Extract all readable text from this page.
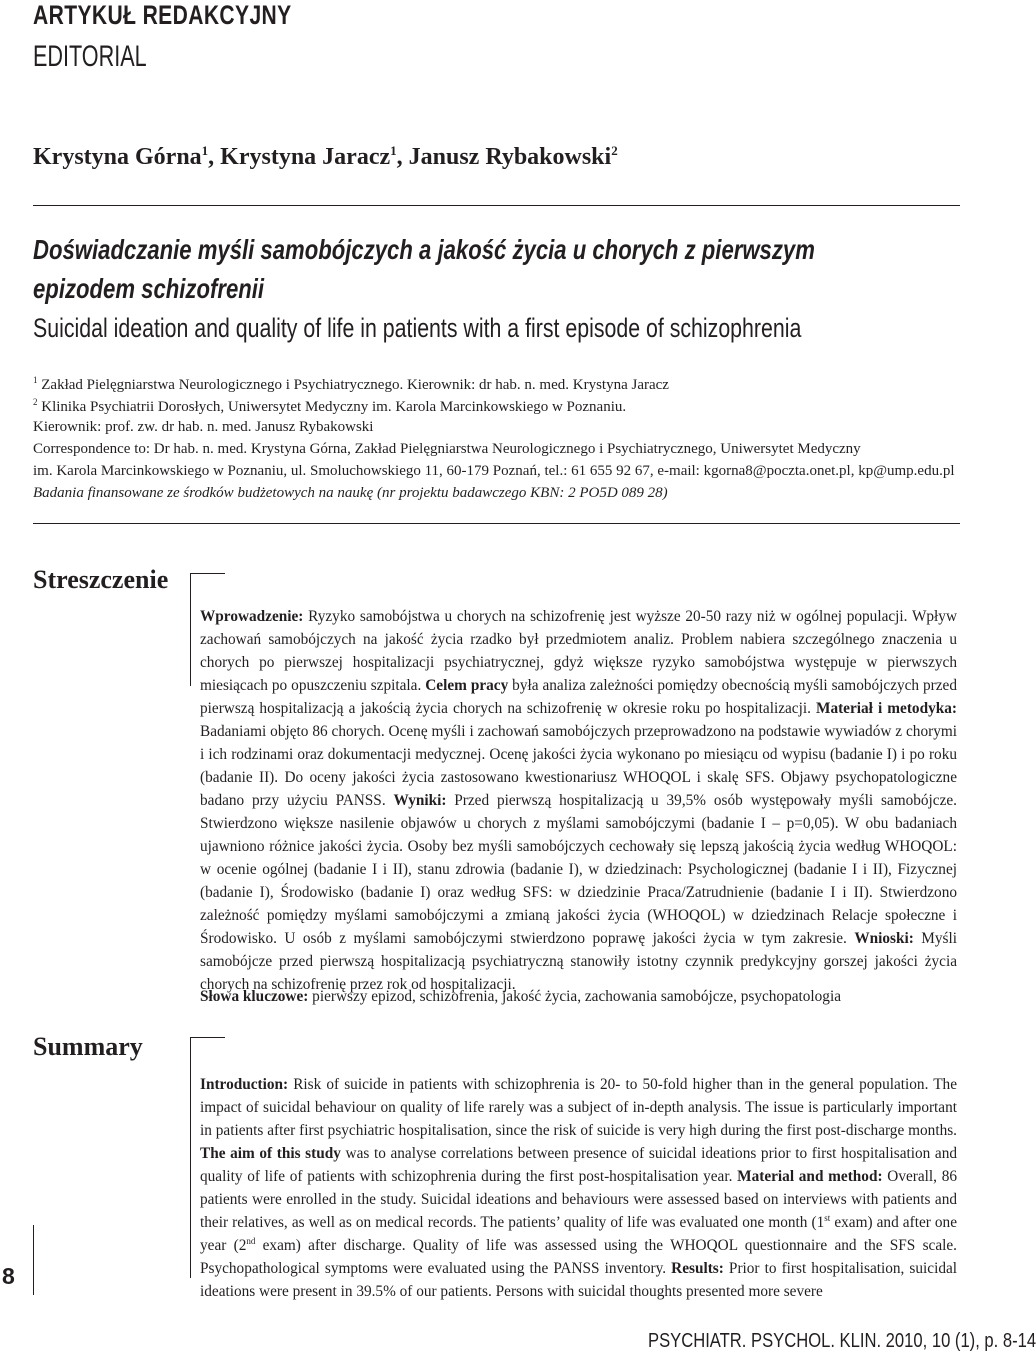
ARTYKUŁ REDAKCYJNY
EDITORIAL
Krystyna Górna$^1$, Krystyna Jaracz$^1$, Janusz Rybakowski$^2$
Doświadczanie myśli samobójczych a jakość życia u chorych z pierwszym
epizodem schizofrenii
Suicidal ideation and quality of life in patients with a first episode of schizophrenia
$^1$ Zakład Pielęgniarstwa Neurologicznego i Psychiatrycznego. Kierownik: dr hab. n. med. Krystyna Jaracz
$^2$ Klinika Psychiatrii Dorosłych, Uniwersytet Medyczny im. Karola Marcinkowskiego w Poznaniu.
Kierownik: prof. zw. dr hab. n. med. Janusz Rybakowski
Correspondence to: Dr hab. n. med. Krystyna Górna, Zakład Pielęgniarstwa Neurologicznego i Psychiatrycznego, Uniwersytet Medyczny
im. Karola Marcinkowskiego w Poznaniu, ul. Smoluchowskiego 11, 60-179 Poznań, tel.: 61 655 92 67, e-mail: kgorna8@poczta.onet.pl, kp@ump.edu.pl
Badania finansowane ze środków budżetowych na naukę (nr projektu badawczego KBN: 2 PO5D 089 28)
Streszczenie
Wprowadzenie: Ryzyko samobójstwa u chorych na schizofrenię jest wyższe 20-50 razy niż w ogólnej populacji. Wpływ zachowań samobójczych na jakość życia rzadko był przedmiotem analiz. Problem nabiera szczególnego znaczenia u chorych po pierwszej hospitalizacji psychiatrycznej, gdyż większe ryzyko samobójstwa występuje w pierwszych miesiącach po opuszczeniu szpitala. Celem pracy była analiza zależności pomiędzy obecnością myśli samobójczych przed pierwszą hospitalizacją a jakością życia chorych na schizofrenię w okresie roku po hospitalizacji. Materiał i metodyka: Badaniami objęto 86 chorych. Ocenę myśli i zachowań samobójczych przeprowadzono na podstawie wywiadów z chorymi i ich rodzinami oraz dokumentacji medycznej. Ocenę jakości życia wykonano po miesiącu od wypisu (badanie I) i po roku (badanie II). Do oceny jakości życia zastosowano kwestionariusz WHOQOL i skalę SFS. Objawy psychopatologiczne badano przy użyciu PANSS. Wyniki: Przed pierwszą hospitalizacją u 39,5% osób występowały myśli samobójcze. Stwierdzono większe nasilenie objawów u chorych z myślami samobójczymi (badanie I – p=0,05). W obu badaniach ujawniono różnice jakości życia. Osoby bez myśli samobójczych cechowały się lepszą jakością życia według WHOQOL: w ocenie ogólnej (badanie I i II), stanu zdrowia (badanie I), w dziedzinach: Psychologicznej (badanie I i II), Fizycznej (badanie I), Środowisko (badanie I) oraz według SFS: w dziedzinie Praca/Zatrudnienie (badanie I i II). Stwierdzono zależność pomiędzy myślami samobójczymi a zmianą jakości życia (WHOQOL) w dziedzinach Relacje społeczne i Środowisko. U osób z myślami samobójczymi stwierdzono poprawę jakości życia w tym zakresie. Wnioski: Myśli samobójcze przed pierwszą hospitalizacją psychiatryczną stanowiły istotny czynnik predykcyjny gorszej jakości życia chorych na schizofrenię przez rok od hospitalizacji.
Słowa kluczowe: pierwszy epizod, schizofrenia, jakość życia, zachowania samobójcze, psychopatologia
Summary
Introduction: Risk of suicide in patients with schizophrenia is 20- to 50-fold higher than in the general population. The impact of suicidal behaviour on quality of life rarely was a subject of in-depth analysis. The issue is particularly important in patients after first psychiatric hospitalisation, since the risk of suicide is very high during the first post-discharge months. The aim of this study was to analyse correlations between presence of suicidal ideations prior to first hospitalisation and quality of life of patients with schizophrenia during the first post-hospitalisation year. Material and method: Overall, 86 patients were enrolled in the study. Suicidal ideations and behaviours were assessed based on interviews with patients and their relatives, as well as on medical records. The patients’ quality of life was evaluated one month (1st exam) and after one year (2nd exam) after discharge. Quality of life was assessed using the WHOQOL questionnaire and the SFS scale. Psychopathological symptoms were evaluated using the PANSS inventory. Results: Prior to first hospitalisation, suicidal ideations were present in 39.5% of our patients. Persons with suicidal thoughts presented more severe
8
PSYCHIATR. PSYCHOL. KLIN. 2010, 10 (1), p. 8-14
